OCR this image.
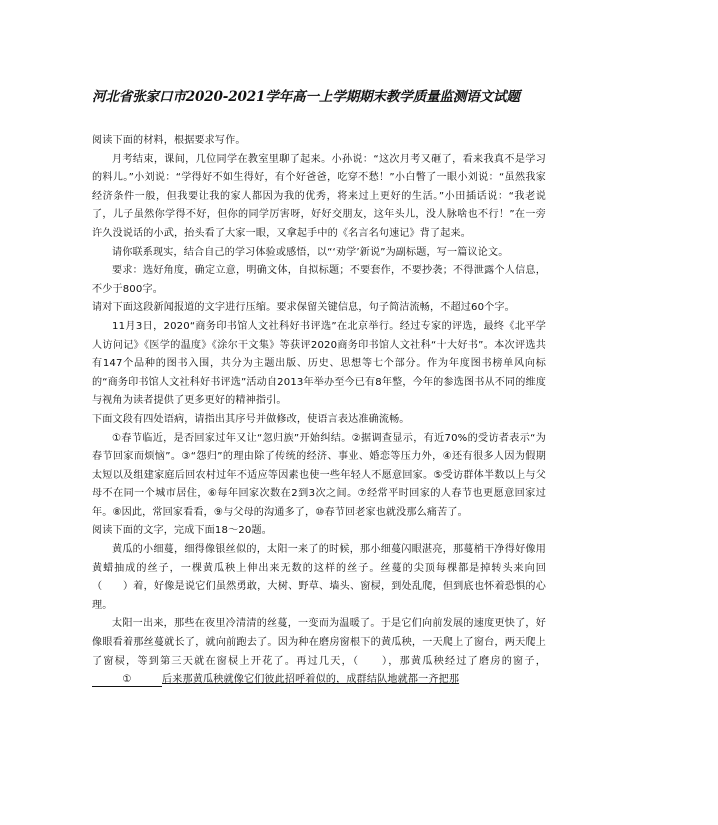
河北省张家口市2020-2021学年高一上学期期末教学质量监测语文试题

阅读下面的材料，根据要求写作。

月考结束，课间，几位同学在教室里聊了起来。小孙说：“这次月考又砸了，看来我真不是学习的料儿。”小刘说：“学得好不如生得好，有个好爸爸，吃穿不愁！”小白瞥了一眼小刘说：“虽然我家经济条件一般，但我要让我的家人都因为我的优秀，将来过上更好的生活。”小田插话说：“我老说了，儿子虽然你学得不好，但你的同学厉害呀，好好交朋友，这年头儿，没人脉啥也不行！”在一旁许久没说话的小武，抬头看了大家一眼，又拿起手中的《名言名句速记》背了起来。

请你联系现实，结合自己的学习体验或感悟，以“‘劝学’新说”为副标题，写一篇议论文。

要求：选好角度，确定立意，明确文体，自拟标题；不要套作，不要抄袭；不得泄露个人信息，不少于800字。

请对下面这段新闻报道的文字进行压缩。要求保留关键信息，句子简洁流畅，不超过60个字。

11月3日，2020“商务印书馆人文社科好书评选”在北京举行。经过专家的评选，最终《北平学人访问记》《医学的温度》《涂尔干文集》等获评2020商务印书馆人文社科“十大好书”。本次评选共有147个品种的图书入围，共分为主题出版、历史、思想等七个部分。作为年度图书榜单风向标的“商务印书馆人文社科好书评选”活动自2013年举办至今已有8年整，今年的参选图书从不同的维度与视角为读者提供了更多更好的精神指引。

下面文段有四处语病，请指出其序号并做修改，使语言表达准确流畅。

①春节临近，是否回家过年又让“忽归族”开始纠结。②据调查显示，有近70%的受访者表示“为春节回家而烦恼”。③“怨归”的理由除了传统的经济、事业、婚恋等压力外，④还有很多人因为假期太短以及组建家庭后回农村过年不适应等因素也使一些年轻人不愿意回家。⑤受访群体半数以上与父母不在同一个城市居住，⑥每年回家次数在2到3次之间。⑦经常平时回家的人春节也更愿意回家过年。⑧因此，常回家看看，⑨与父母的沟通多了，⑩春节回老家也就没那么痛苦了。

阅读下面的文字，完成下面18～20题。

黄瓜的小细蔓，细得像银丝似的，太阳一来了的时候，那小细蔓闪眼湛亮，那蔓梢干净得好像用黄蜡抽成的丝子，一棵黄瓜秧上伸出来无数的这样的丝子。丝蔓的尖顶每棵都是掉转头来向回（　　）着，好像是说它们虽然勇敢，大树、野草、墙头、窗棂，到处乱爬，但到底也怀着恐惧的心理。

太阳一出来，那些在夜里冷清清的丝蔓，一变而为温暖了。于是它们向前发展的速度更快了，好像眼看着那丝蔓就长了，就向前跑去了。因为种在磨房窗根下的黄瓜秧，一天爬上了窗台，两天爬上了窗棂，等到第三天就在窗棂上开花了。再过几天，（　　），那黄瓜秧经过了磨房的窗子，①	后来那黄瓜秧就像它们彼此招呼着似的，成群结队地就都一齐把那
